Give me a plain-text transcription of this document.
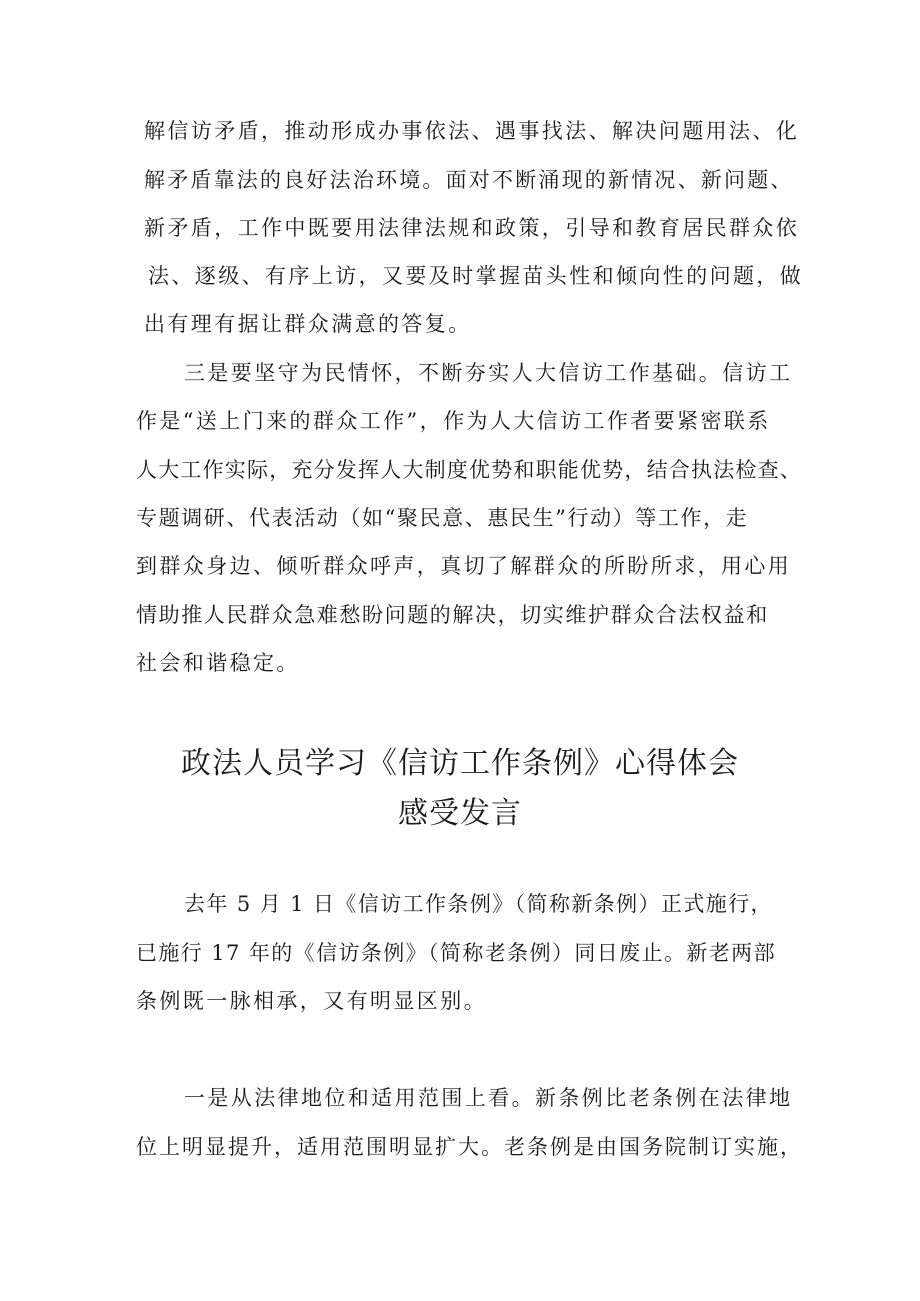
解信访矛盾，推动形成办事依法、遇事找法、解决问题用法、化
解矛盾靠法的良好法治环境。面对不断涌现的新情况、新问题、
新矛盾，工作中既要用法律法规和政策，引导和教育居民群众依
法、逐级、有序上访，又要及时掌握苗头性和倾向性的问题，做
出有理有据让群众满意的答复。
三是要坚守为民情怀，不断夯实人大信访工作基础。信访工
作是“送上门来的群众工作”，作为人大信访工作者要紧密联系
人大工作实际，充分发挥人大制度优势和职能优势，结合执法检查、
专题调研、代表活动（如“聚民意、惠民生”行动）等工作，走
到群众身边、倾听群众呼声，真切了解群众的所盼所求，用心用
情助推人民群众急难愁盼问题的解决，切实维护群众合法权益和
社会和谐稳定。
政法人员学习《信访工作条例》心得体会
感受发言
去年 5 月 1 日《信访工作条例》（简称新条例）正式施行，
已施行 17 年的《信访条例》（简称老条例）同日废止。新老两部
条例既一脉相承，又有明显区别。
一是从法律地位和适用范围上看。新条例比老条例在法律地
位上明显提升，适用范围明显扩大。老条例是由国务院制订实施，
